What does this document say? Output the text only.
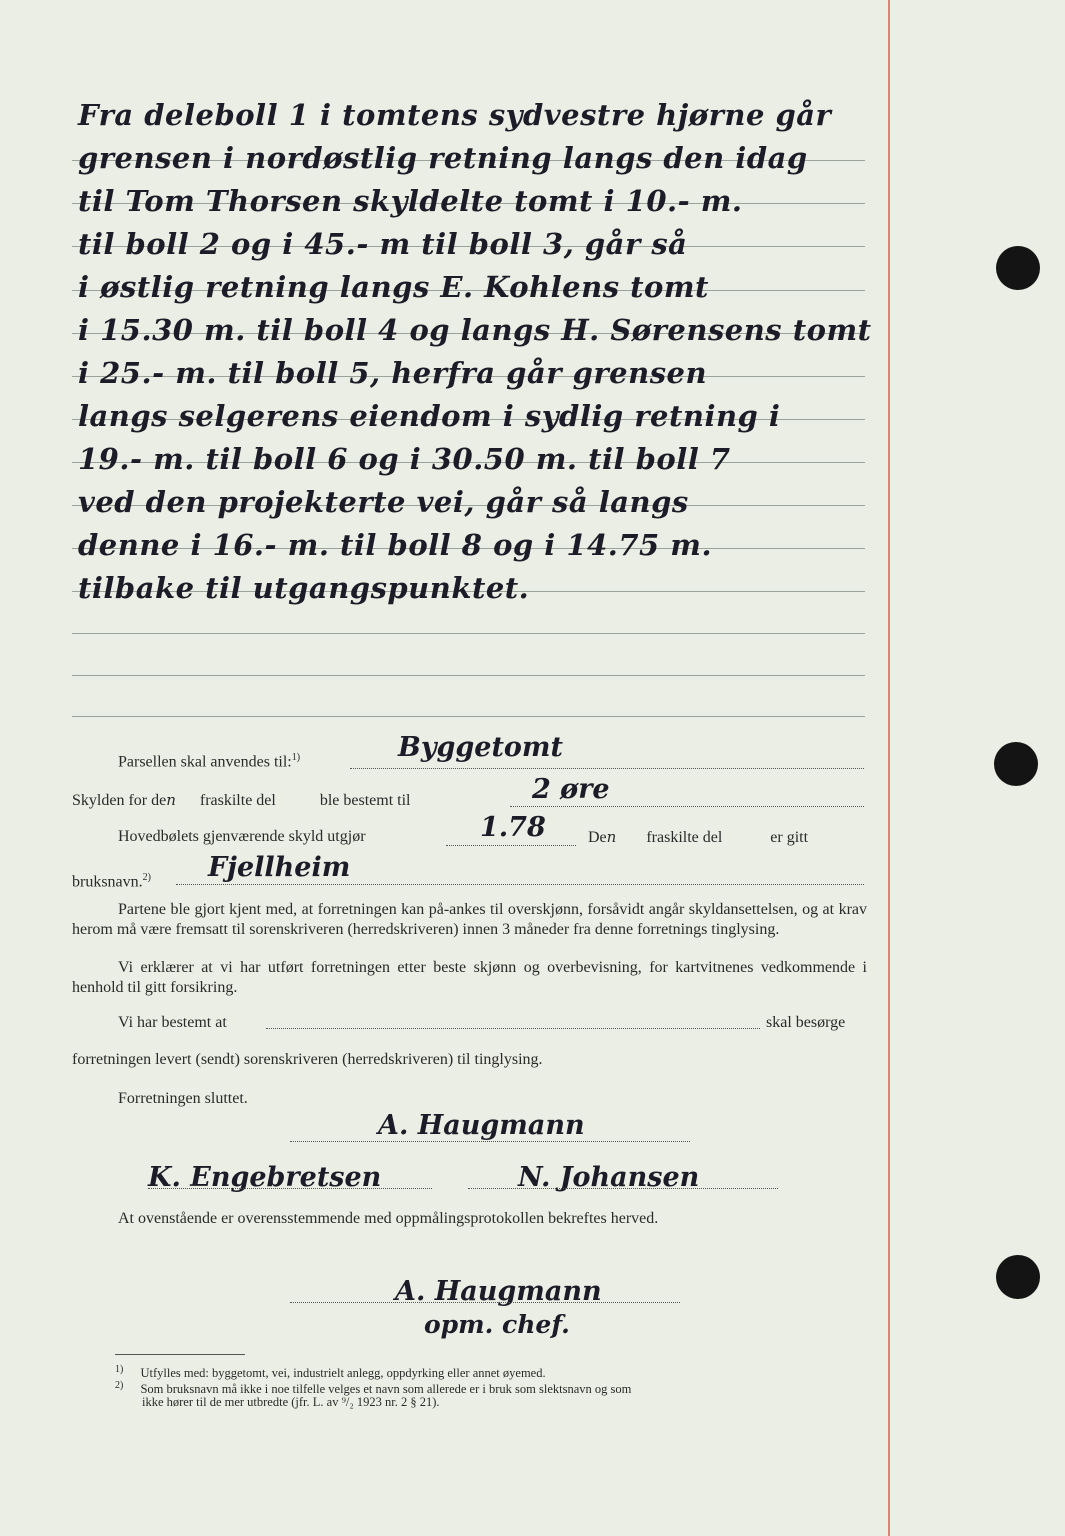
Fra deleboll 1 i tomtens sydvestre hjørne går
grensen i nordøstlig retning langs den idag
til Tom Thorsen skyldelte tomt i 10.- m.
til boll 2 og i 45.- m til boll 3, går så
i østlig retning langs E. Kohlens tomt
i 15.30 m. til boll 4 og langs H. Sørensens tomt
i 25.- m. til boll 5, herfra går grensen
langs selgerens eiendom i sydlig retning i
19.- m. til boll 6 og i 30.50 m. til boll 7
ved den projekterte vei, går så langs
denne i 16.- m. til boll 8 og i 14.75 m.
tilbake til utgangspunktet.
Parsellen skal anvendes til:$^{1)}$	Byggetomt
Skylden for den fraskilte del	ble bestemt til	2 øre
Hovedbølets gjenværende skyld utgjør	1.78	Den fraskilte del	er gitt
bruksnavn.$^{2)}$ Fjellheim
Partene ble gjort kjent med, at forretningen kan på-ankes til overskjønn, forsåvidt angår skyldansettelsen, og at krav herom må være fremsatt til sorenskriveren (herredskriveren) innen 3 måneder fra denne forretnings tinglysing.
Vi erklærer at vi har utført forretningen etter beste skjønn og overbevisning, for kartvitnenes vedkommende i henhold til gitt forsikring.
Vi har bestemt at	skal besørge
forretningen levert (sendt) sorenskriveren (herredskriveren) til tinglysing.
Forretningen sluttet.
A. Haugmann
K. Engebretsen	N. Johansen
At ovenstående er overensstemmende med oppmålingsprotokollen bekreftes herved.
A. Haugmann
opm. chef.
$^{1)}$ Utfylles med: byggetomt, vei, industrielt anlegg, oppdyrking eller annet øyemed.
$^{2)}$ Som bruksnavn må ikke i noe tilfelle velges et navn som allerede er i bruk som slektsnavn og som
ikke hører til de mer utbredte (jfr. L. av ⁹/₂ 1923 nr. 2 § 21).
